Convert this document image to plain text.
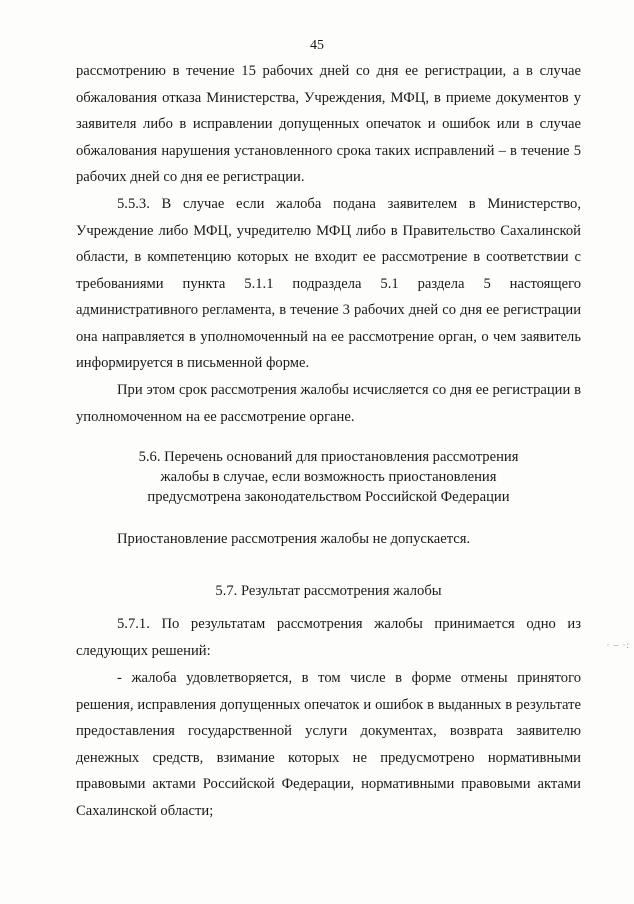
45

рассмотрению в течение 15 рабочих дней со дня ее регистрации, а в случае обжалования отказа Министерства, Учреждения, МФЦ, в приеме документов у заявителя либо в исправлении допущенных опечаток и ошибок или в случае обжалования нарушения установленного срока таких исправлений – в течение 5 рабочих дней со дня ее регистрации.

5.5.3. В случае если жалоба подана заявителем в Министерство, Учреждение либо МФЦ, учредителю МФЦ либо в Правительство Сахалинской области, в компетенцию которых не входит ее рассмотрение в соответствии с требованиями пункта 5.1.1 подраздела 5.1 раздела 5 настоящего административного регламента, в течение 3 рабочих дней со дня ее регистрации она направляется в уполномоченный на ее рассмотрение орган, о чем заявитель информируется в письменной форме.

При этом срок рассмотрения жалобы исчисляется со дня ее регистрации в уполномоченном на ее рассмотрение органе.

5.6. Перечень оснований для приостановления рассмотрения
жалобы в случае, если возможность приостановления
предусмотрена законодательством Российской Федерации
Приостановление рассмотрения жалобы не допускается.
5.7. Результат рассмотрения жалобы

5.7.1. По результатам рассмотрения жалобы принимается одно из следующих решений:

- жалоба удовлетворяется, в том числе в форме отмены принятого решения, исправления допущенных опечаток и ошибок в выданных в результате предоставления государственной услуги документах, возврата заявителю денежных средств, взимание которых не предусмотрено нормативными правовыми актами Российской Федерации, нормативными правовыми актами Сахалинской области;

· – ·:
